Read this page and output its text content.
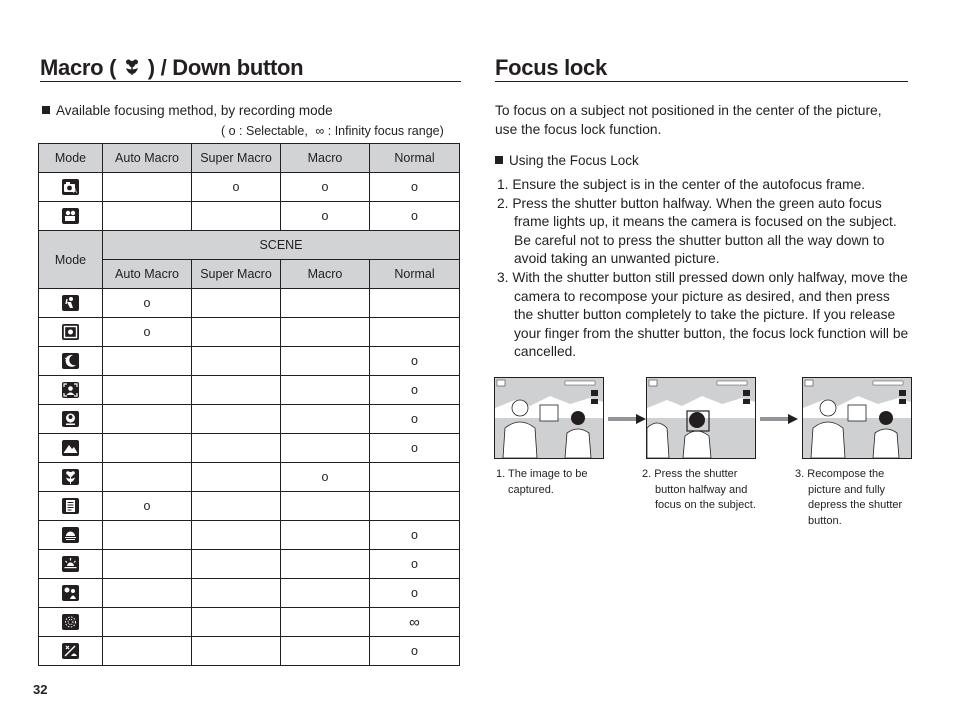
Macro (  ) / Down button	Focus lock
Available focusing method, by recording mode
( o : Selectable, ∞ : Infinity focus range)
Mode	Auto Macro	Super Macro	Macro	Normal

A		o	o	o

			o	o
Mode	SCENE			
	Auto Macro	Super Macro	Macro	Normal

	o			

	o			

★				o

				o

				o

				o

			o	

	o			

				o

				o

				o

				∞

				o
To focus on a subject not positioned in the center of the picture, use the focus lock function.
Using the Focus Lock
1. Ensure the subject is in the center of the autofocus frame.
2. Press the shutter button halfway. When the green auto focus frame lights up, it means the camera is focused on the subject. Be careful not to press the shutter button all the way down to avoid taking an unwanted picture.
3. With the shutter button still pressed down only halfway, move the camera to recompose your picture as desired, and then press the shutter button completely to take the picture. If you release your finger from the shutter button, the focus lock function will be cancelled.
1. The image to be captured.
2. Press the shutter button halfway and focus on the subject.
3. Recompose the picture and fully depress the shutter button.
32
